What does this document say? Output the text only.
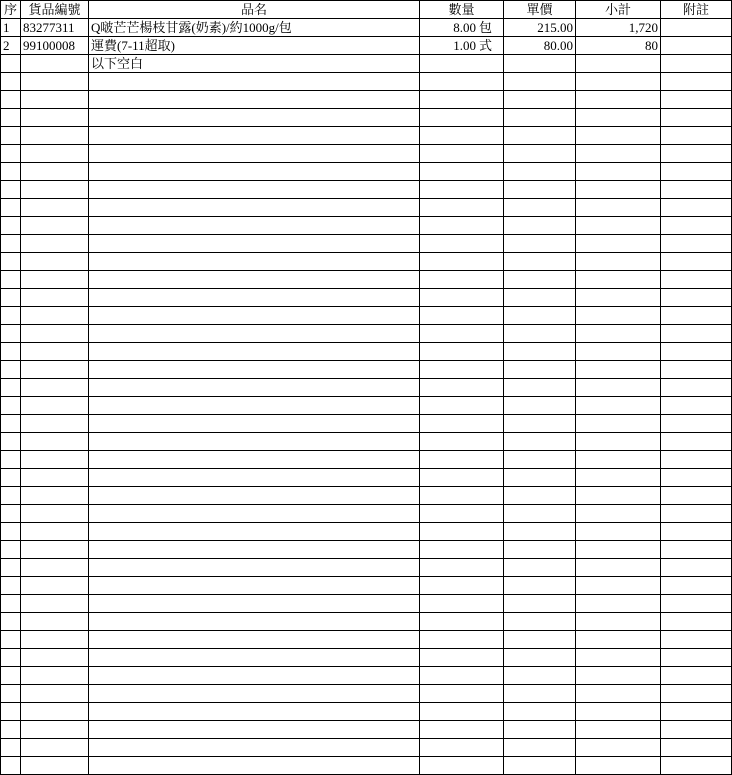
序	貨品編號	品名	數量	單價	小計	附註
1	83277311	Q啵芒芒楊枝甘露(奶素)/約1000g/包	8.00 包	215.00	1,720	
2	99100008	運費(7-11超取)	1.00 式	80.00	80	
		以下空白				
